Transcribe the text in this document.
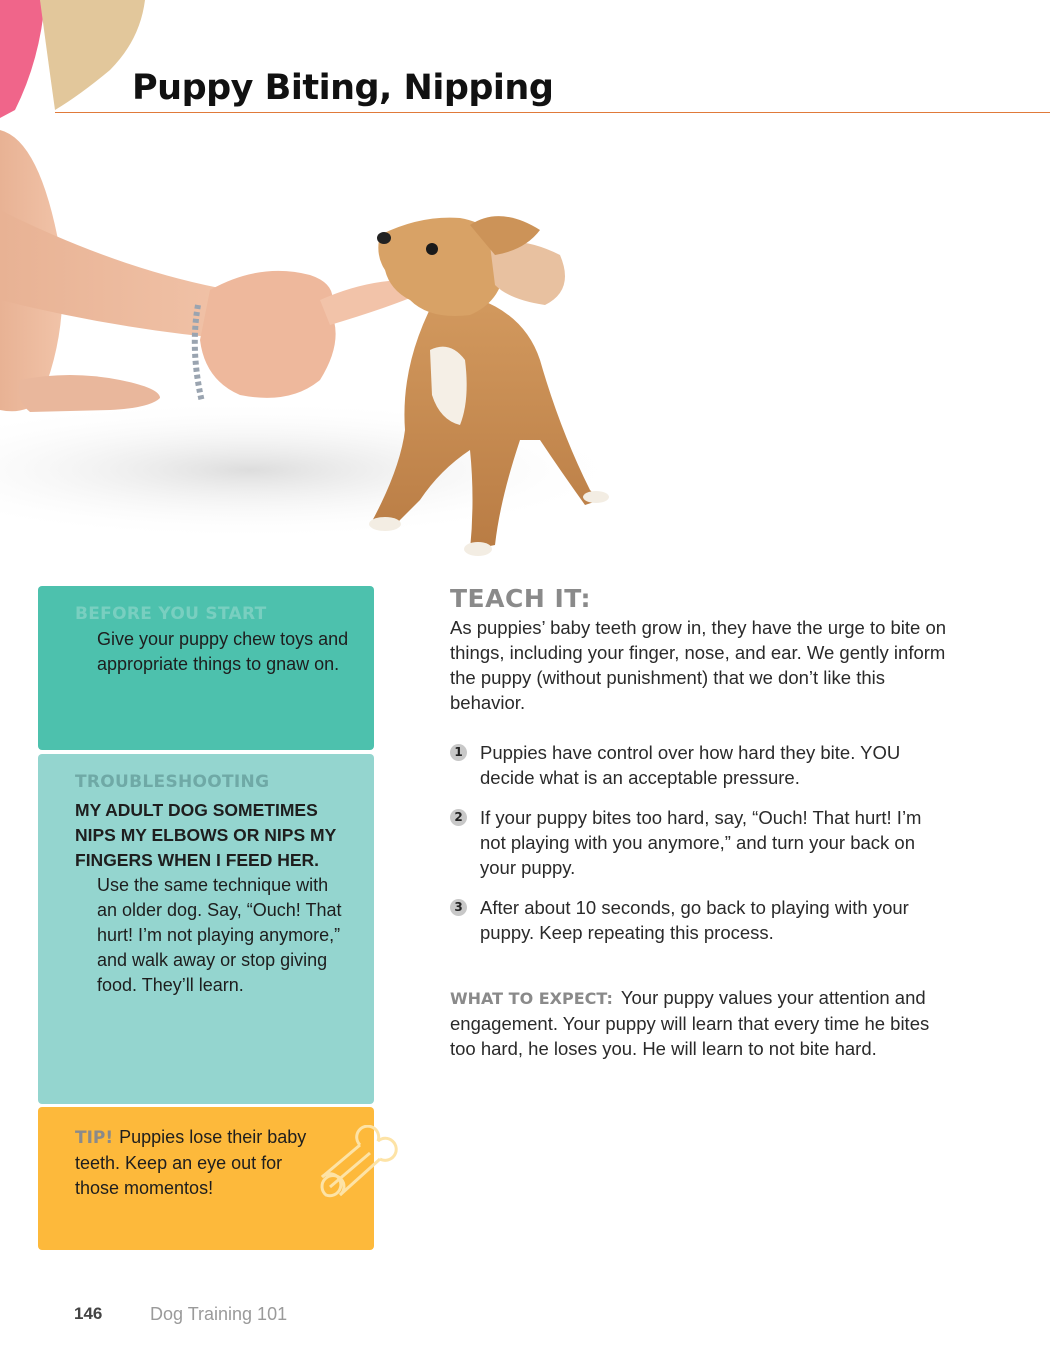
Puppy Biting, Nipping
BEFORE YOU START
Give your puppy chew toys and appropriate things to gnaw on.
TROUBLESHOOTING
MY ADULT DOG SOMETIMES NIPS MY ELBOWS OR NIPS MY FINGERS WHEN I FEED HER.
Use the same technique with an older dog. Say, “Ouch! That hurt! I’m not playing anymore,” and walk away or stop giving food. They’ll learn.
TIP! Puppies lose their baby teeth. Keep an eye out for those momentos!
TEACH IT:

As puppies’ baby teeth grow in, they have the urge to bite on things, including your finger, nose, and ear. We gently inform the puppy (without punishment) that we don’t like this behavior.

1 Puppies have control over how hard they bite. YOU decide what is an acceptable pressure.
2 If your puppy bites too hard, say, “Ouch! That hurt! I’m not playing with you anymore,” and turn your back on your puppy.
3 After about 10 seconds, go back to playing with your puppy. Keep repeating this process.

WHAT TO EXPECT: Your puppy values your attention and engagement. Your puppy will learn that every time he bites too hard, he loses you. He will learn to not bite hard.

146	Dog Training 101
